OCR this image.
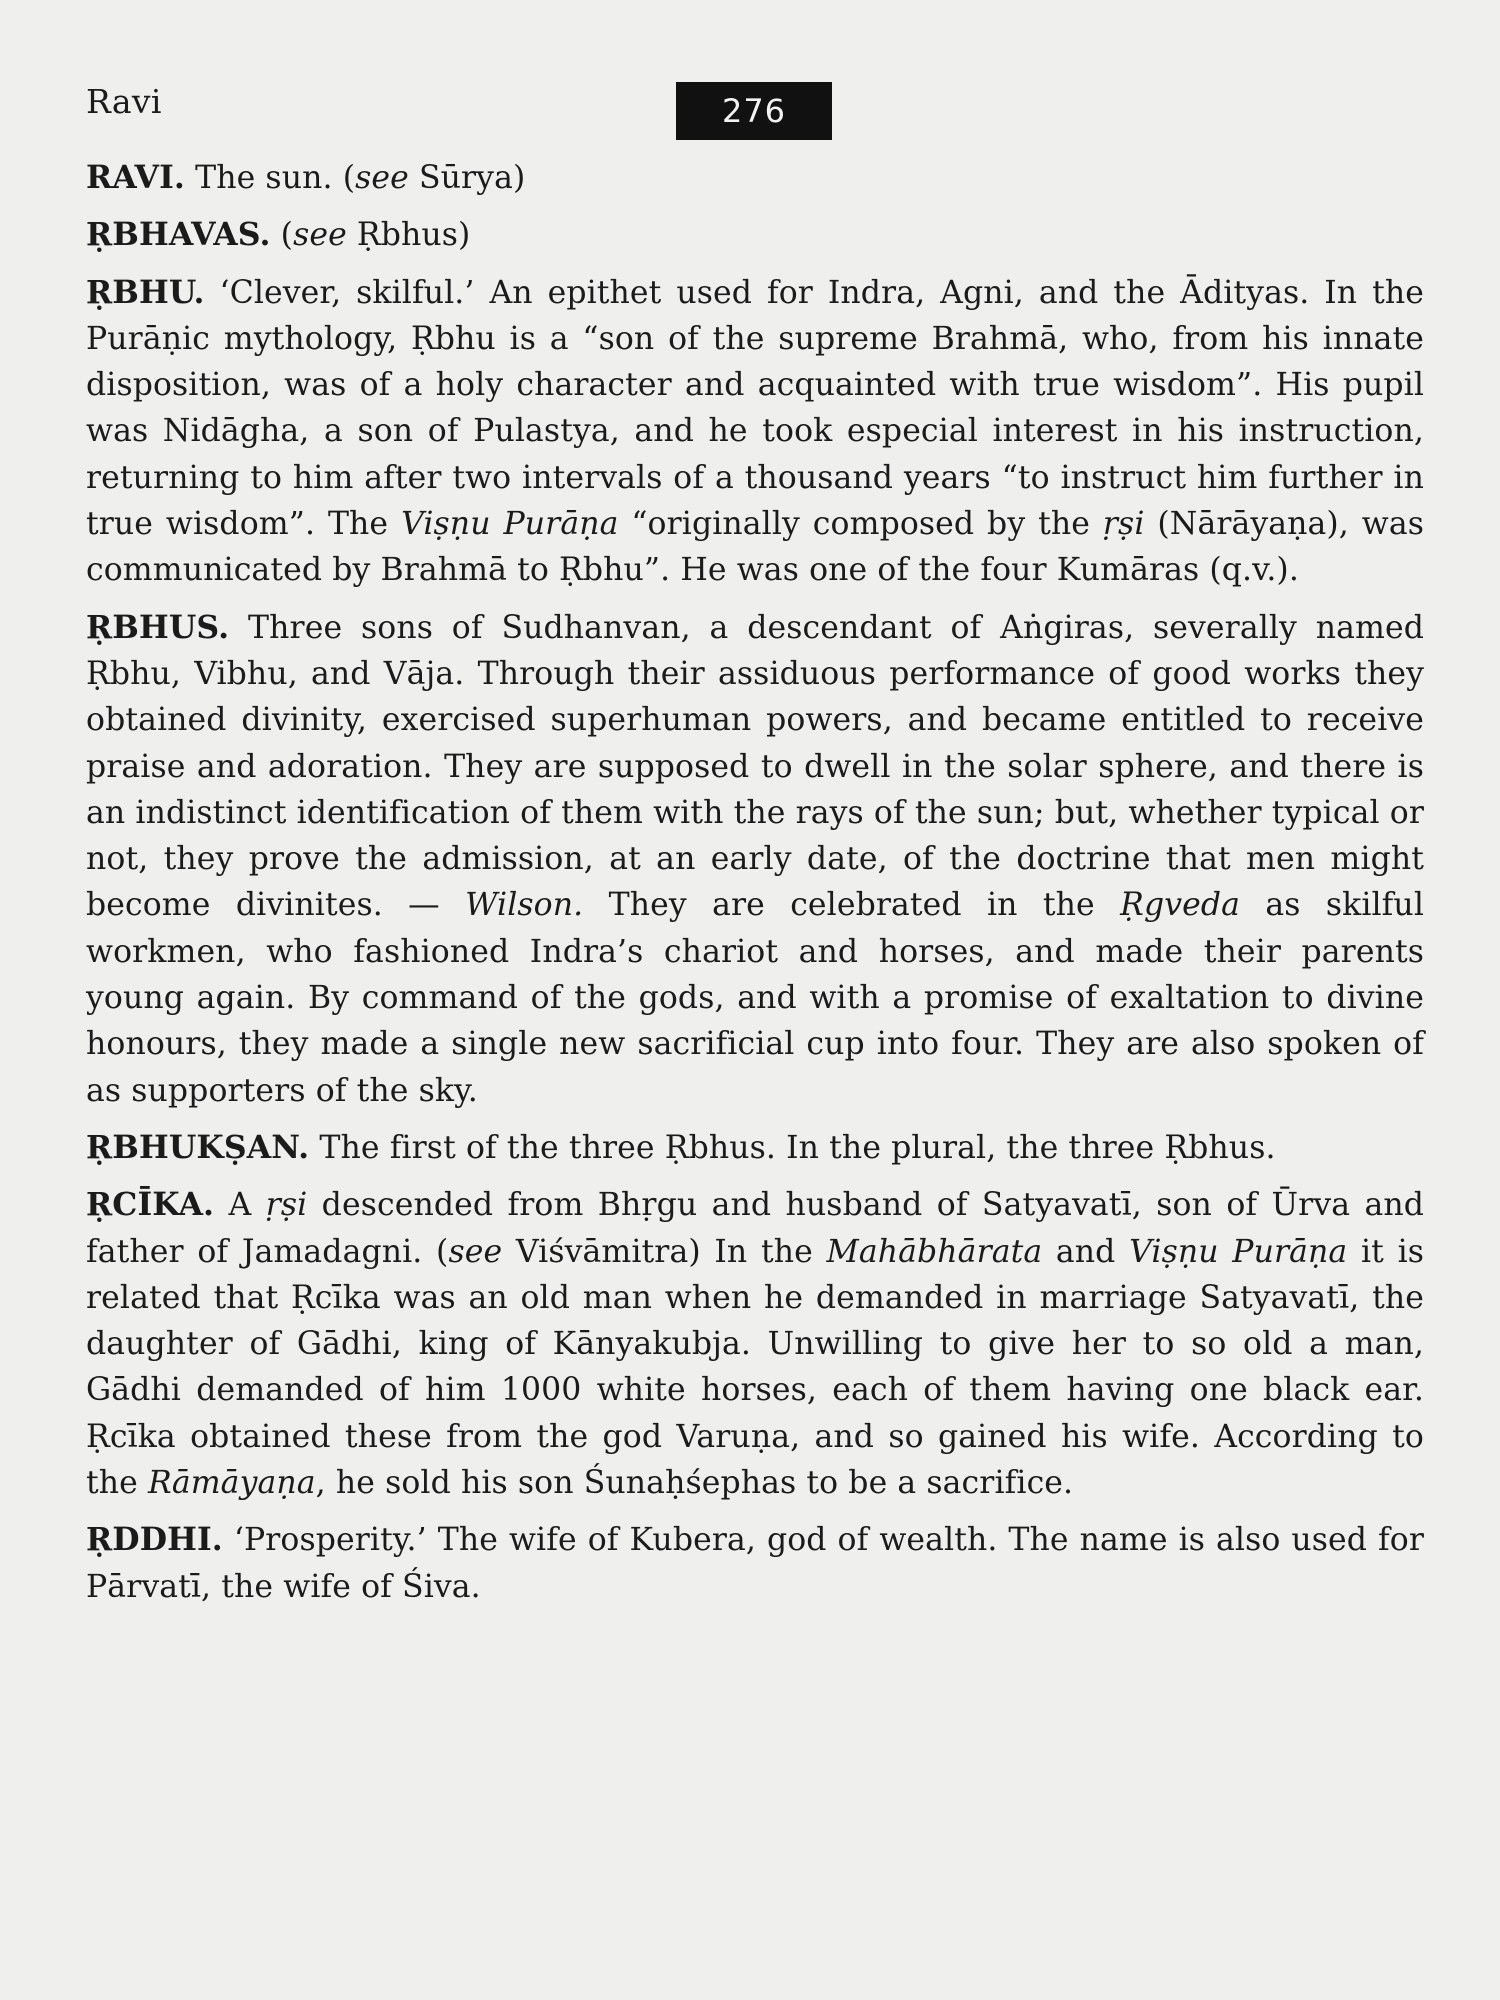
Ravi	276

RAVI. The sun. (see Sūrya)

ṚBHAVAS. (see Ṛbhus)

ṚBHU. ‘Clever, skilful.’ An epithet used for Indra, Agni, and the Ādityas. In the Purāṇic mythology, Ṛbhu is a “son of the supreme Brahmā, who, from his innate disposition, was of a holy character and acquainted with true wisdom”. His pupil was Nidāgha, a son of Pulastya, and he took especial interest in his instruction, returning to him after two intervals of a thousand years “to instruct him further in true wisdom”. The Viṣṇu Purāṇa “originally composed by the ṛṣi (Nārāyaṇa), was communicated by Brahmā to Ṛbhu”. He was one of the four Kumāras (q.v.).

ṚBHUS. Three sons of Sudhanvan, a descendant of Aṅgiras, severally named Ṛbhu, Vibhu, and Vāja. Through their assiduous performance of good works they obtained divinity, exercised superhuman powers, and became entitled to receive praise and adoration. They are supposed to dwell in the solar sphere, and there is an indistinct identification of them with the rays of the sun; but, whether typical or not, they prove the admission, at an early date, of the doctrine that men might become divinites. — Wilson. They are celebrated in the Ṛgveda as skilful workmen, who fashioned Indra’s chariot and horses, and made their parents young again. By command of the gods, and with a promise of exaltation to divine honours, they made a single new sacrificial cup into four. They are also spoken of as supporters of the sky.

ṚBHUKṢAN. The first of the three Ṛbhus. In the plural, the three Ṛbhus.

ṚCĪKA. A ṛṣi descended from Bhṛgu and husband of Satyavatī, son of Ūrva and father of Jamadagni. (see Viśvāmitra) In the Mahābhārata and Viṣṇu Purāṇa it is related that Ṛcīka was an old man when he demanded in marriage Satyavatī, the daughter of Gādhi, king of Kānyakubja. Unwilling to give her to so old a man, Gādhi demanded of him 1000 white horses, each of them having one black ear. Ṛcīka obtained these from the god Varuṇa, and so gained his wife. According to the Rāmāyaṇa, he sold his son Śunaḥśephas to be a sacrifice.

ṚDDHI. ‘Prosperity.’ The wife of Kubera, god of wealth. The name is also used for Pārvatī, the wife of Śiva.
